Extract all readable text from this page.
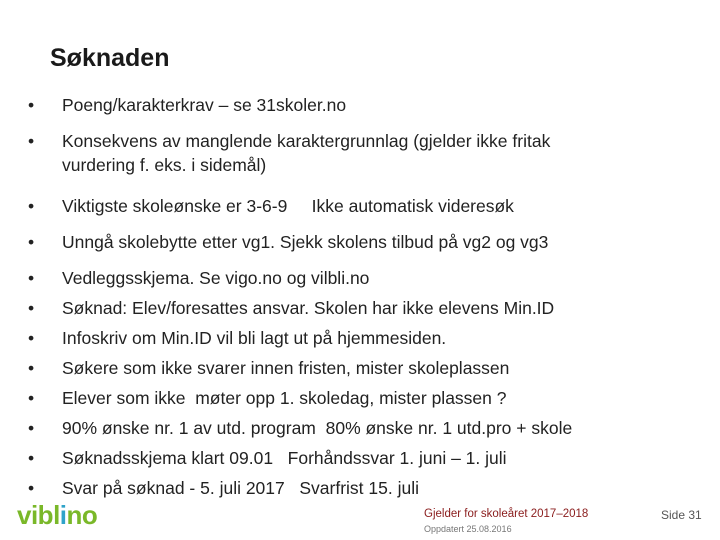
Søknaden
•	Poeng/karakterkrav – se 31skoler.no
•	Konsekvens av manglende karaktergrunnlag (gjelder ikke fritak
vurdering f. eks. i sidemål)
•	Viktigste skoleønske er 3-6-9     Ikke automatisk videresøk
•	Unngå skolebytte etter vg1. Sjekk skolens tilbud på vg2 og vg3
•	Vedleggsskjema. Se vigo.no og vilbli.no
•	Søknad: Elev/foresattes ansvar. Skolen har ikke elevens Min.ID
•	Infoskriv om Min.ID vil bli lagt ut på hjemmesiden.
•	Søkere som ikke svarer innen fristen, mister skoleplassen
•	Elever som ikke  møter opp 1. skoledag, mister plassen ?
•	90% ønske nr. 1 av utd. program  80% ønske nr. 1 utd.pro + skole
•	Søknadsskjema klart 09.01   Forhåndssvar 1. juni – 1. juli
•	Svar på søknad - 5. juli 2017   Svarfrist 15. juli
viblino	Gjelder for skoleåret 2017–2018
Oppdatert 25.08.2016
Side 31
